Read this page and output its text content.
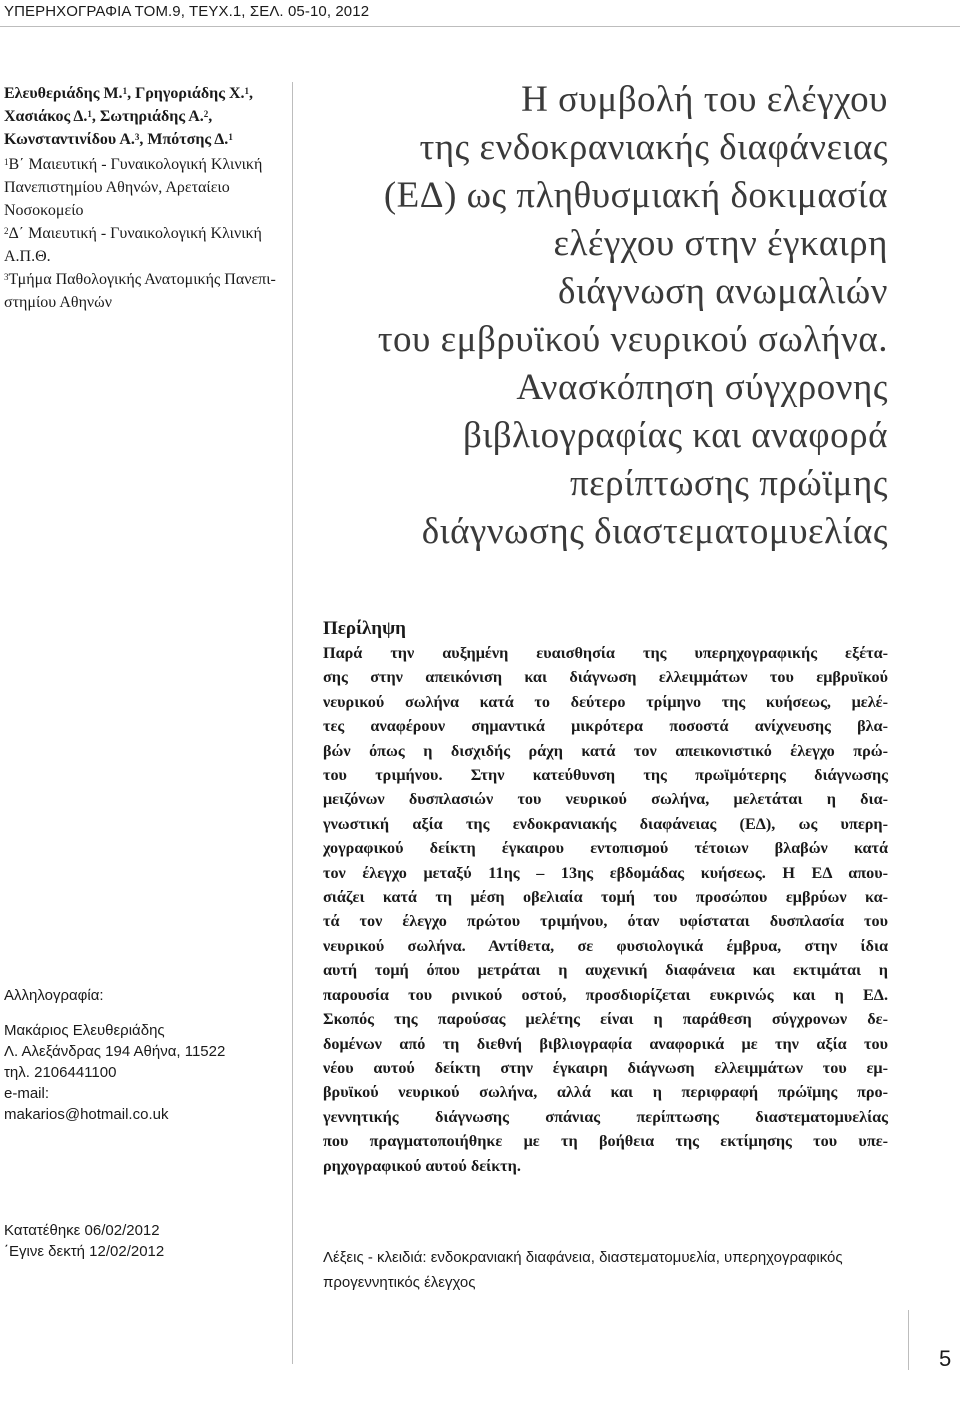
ΥΠΕΡΗΧΟΓΡΑΦΙΑ ΤΟΜ.9, ΤΕΥΧ.1, ΣΕΛ. 05-10, 2012
Ελευθεριάδης Μ.$^1$, Γρηγοριάδης Χ.$^1$,
Χασιάκος Δ.$^1$, Σωτηριάδης Α.$^2$,
Κωνσταντινίδου Α.$^3$, Μπότσης Δ.$^1$
$^1$Β΄ Μαιευτική - Γυναικολογική Κλινική
Πανεπιστημίου Αθηνών, Αρεταίειο Νοσοκομείο
$^2$Δ΄ Μαιευτική - Γυναικολογική Κλινική Α.Π.Θ.
$^3$Τμήμα Παθολογικής Ανατομικής Πανεπι-
στημίου Αθηνών
Η συμβολή του ελέγχου
της ενδοκρανιακής διαφάνειας
(ΕΔ) ως πληθυσμιακή δοκιμασία
ελέγχου στην έγκαιρη
διάγνωση ανωμαλιών
του εμβρυϊκού νευρικού σωλήνα.
Ανασκόπηση σύγχρονης
βιβλιογραφίας και αναφορά
περίπτωσης πρώϊμης
διάγνωσης διαστεματομυελίας
Αλληλογραφία:
Μακάριος Ελευθεριάδης
Λ. Αλεξάνδρας 194 Αθήνα, 11522
τηλ. 2106441100
e-mail:
makarios@hotmail.co.uk
Κατατέθηκε 06/02/2012
΄Εγινε δεκτή 12/02/2012
Περίληψη
Παρά την αυξημένη ευαισθησία της υπερηχογραφικής εξέτα-
σης στην απεικόνιση και διάγνωση ελλειμμάτων του εμβρυϊκού
νευρικού σωλήνα κατά το δεύτερο τρίμηνο της κυήσεως, μελέ-
τες αναφέρουν σημαντικά μικρότερα ποσοστά ανίχνευσης βλα-
βών όπως η δισχιδής ράχη κατά τον απεικονιστικό έλεγχο πρώ-
του τριμήνου. Στην κατεύθυνση της πρωϊμότερης διάγνωσης
μειζόνων δυσπλασιών του νευρικού σωλήνα, μελετάται η δια-
γνωστική αξία της ενδοκρανιακής διαφάνειας (ΕΔ), ως υπερη-
χογραφικού δείκτη έγκαιρου εντοπισμού τέτοιων βλαβών κατά
τον έλεγχο μεταξύ 11ης – 13ης εβδομάδας κυήσεως. Η ΕΔ απου-
σιάζει κατά τη μέση οβελιαία τομή του προσώπου εμβρύων κα-
τά τον έλεγχο πρώτου τριμήνου, όταν υφίσταται δυσπλασία του
νευρικού σωλήνα. Αντίθετα, σε φυσιολογικά έμβρυα, στην ίδια
αυτή τομή όπου μετράται η αυχενική διαφάνεια και εκτιμάται η
παρουσία του ρινικού οστού, προσδιορίζεται ευκρινώς και η ΕΔ.
Σκοπός της παρούσας μελέτης είναι η παράθεση σύγχρονων δε-
δομένων από τη διεθνή βιβλιογραφία αναφορικά με την αξία του
νέου αυτού δείκτη στην έγκαιρη διάγνωση ελλειμμάτων του εμ-
βρυϊκού νευρικού σωλήνα, αλλά και η περιφραφή πρώϊμης προ-
γεννητικής διάγνωσης σπάνιας περίπτωσης διαστεματομυελίας
που πραγματοποιήθηκε με τη βοήθεια της εκτίμησης του υπε-
ρηχογραφικού αυτού δείκτη.
Λέξεις - κλειδιά: ενδοκρανιακή διαφάνεια, διαστεματομυελία, υπερηχογραφικός
προγεννητικός έλεγχος
5
